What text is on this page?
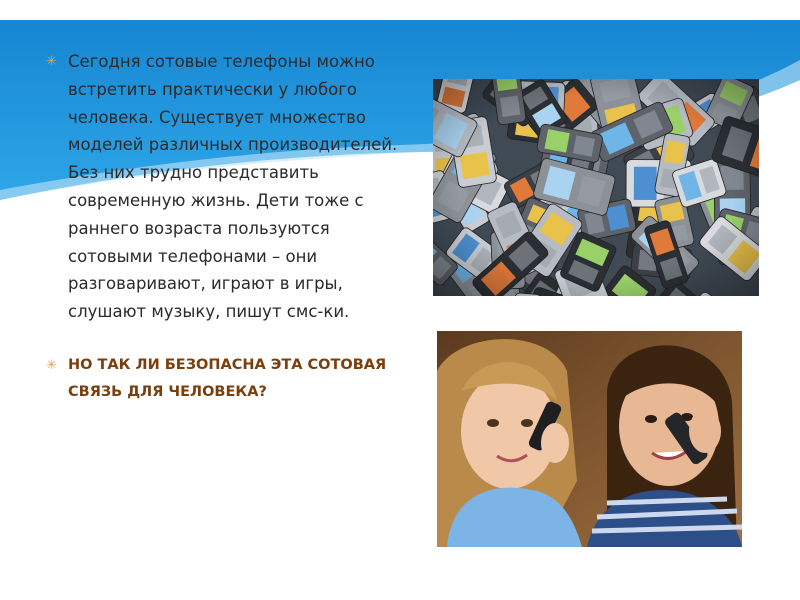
✳ Сегодня сотовые телефоны можно встретить практически у любого человека. Существует множество моделей различных производителей. Без них трудно представить современную жизнь. Дети тоже с раннего возраста пользуются сотовыми телефонами – они разговаривают, играют в игры, слушают музыку, пишут смс-ки.

✳ НО ТАК ЛИ БЕЗОПАСНА ЭТА СОТОВАЯ СВЯЗЬ ДЛЯ ЧЕЛОВЕКА?
